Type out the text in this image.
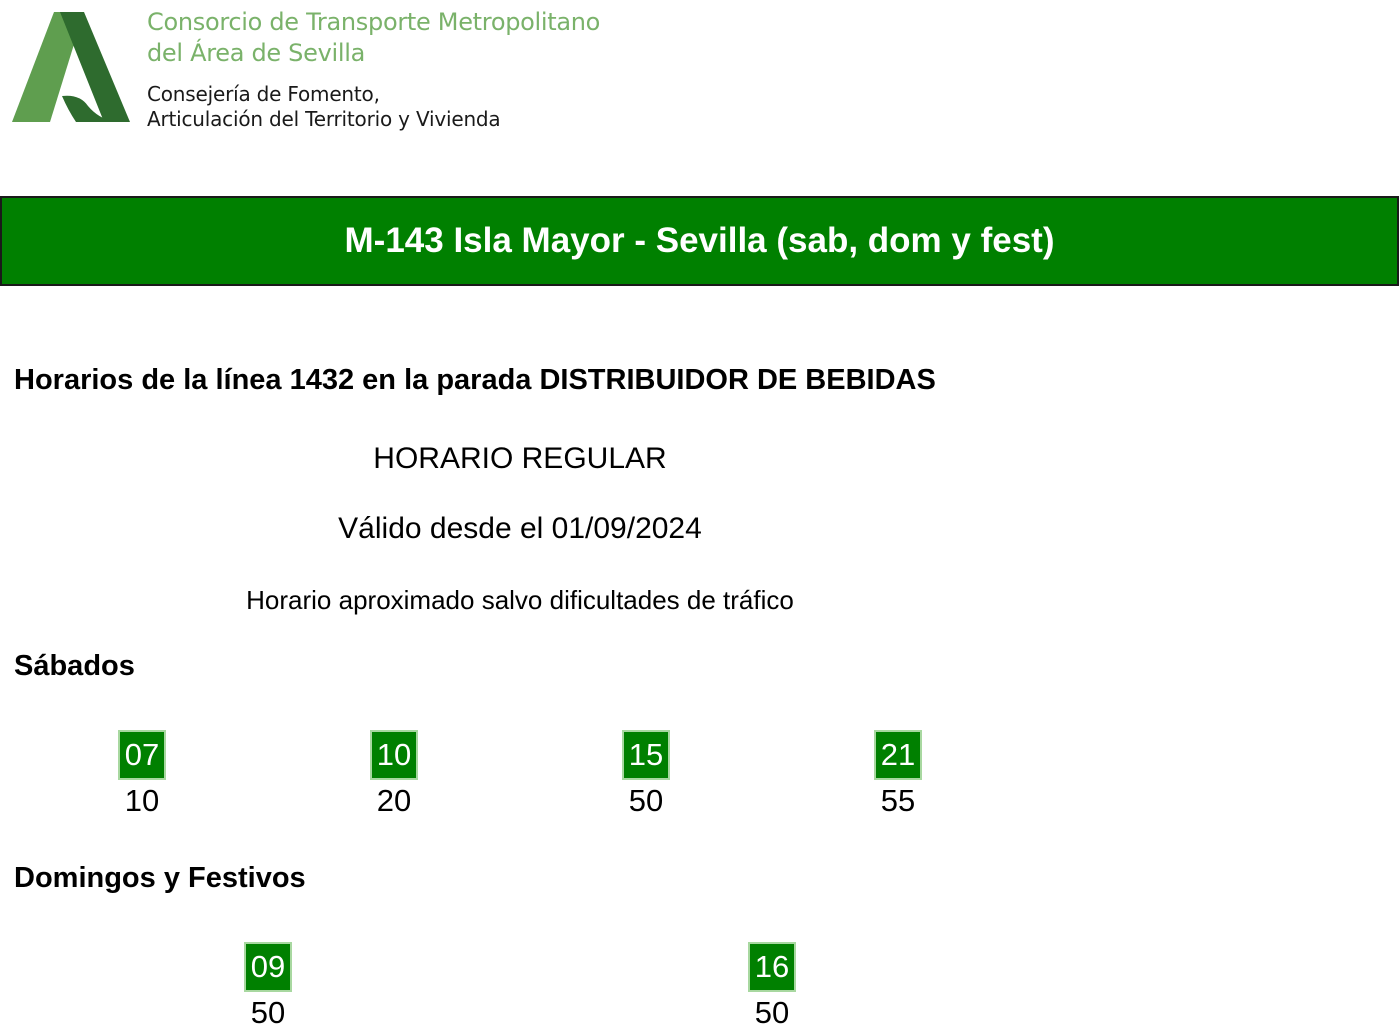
Consorcio de Transporte Metropolitano
del Área de Sevilla
Consejería de Fomento,
Articulación del Territorio y Vivienda
M-143 Isla Mayor - Sevilla (sab, dom y fest)
Horarios de la línea 1432 en la parada DISTRIBUIDOR DE BEBIDAS
HORARIO REGULAR
Válido desde el 01/09/2024
Horario aproximado salvo dificultades de tráfico
Sábados
07
10
10
20
15
50
21
55
Domingos y Festivos
09
50
16
50
